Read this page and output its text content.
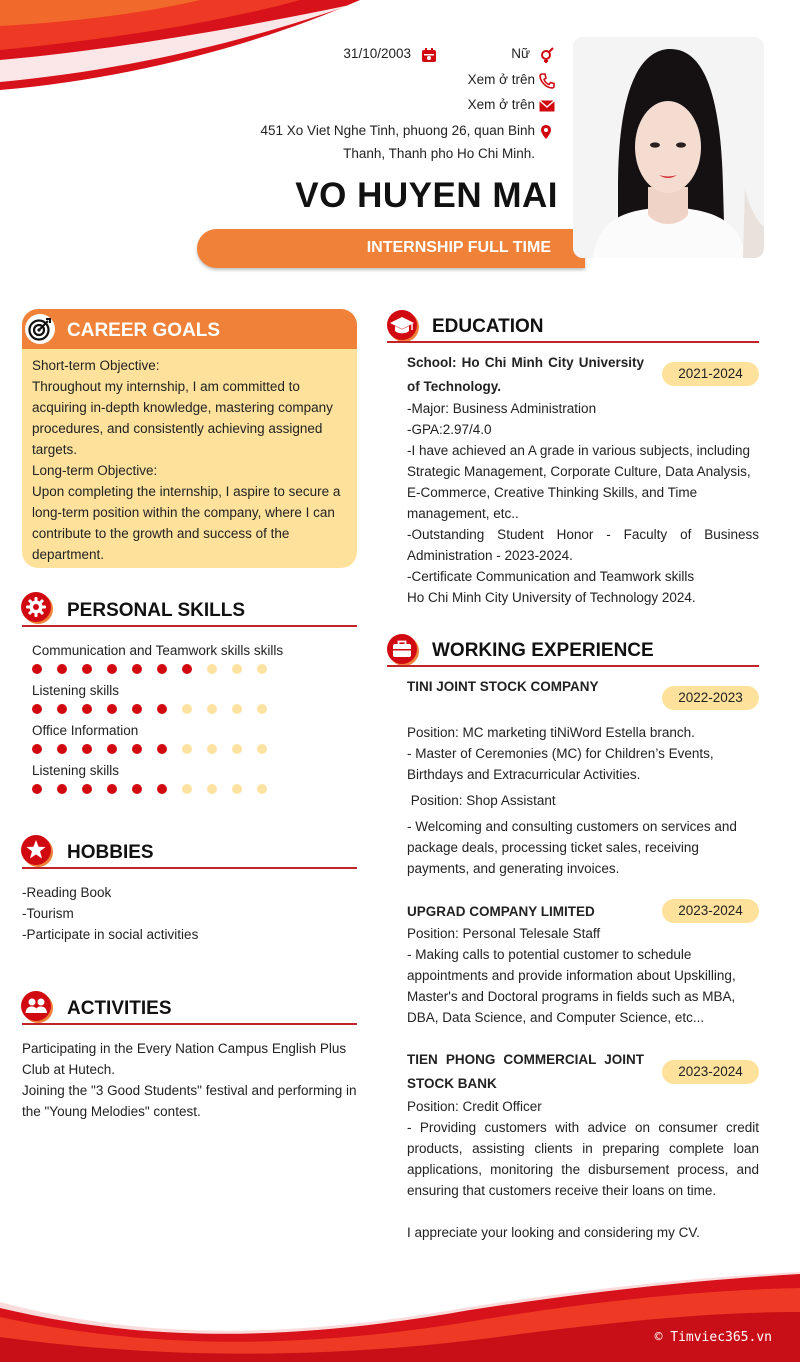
31/10/2003	Nữ
Xem ở trên
Xem ở trên
451 Xo Viet Nghe Tinh, phuong 26, quan Binh
Thanh, Thanh pho Ho Chi Minh.
VO HUYEN MAI
INTERNSHIP FULL TIME
CAREER GOALS
Short-term Objective:
Throughout my internship, I am committed to acquiring in-depth knowledge, mastering company procedures, and consistently achieving assigned targets.
Long-term Objective:
Upon completing the internship, I aspire to secure a long-term position within the company, where I can contribute to the growth and success of the department.
PERSONAL SKILLS
Communication and Teamwork skills skills
Listening skills
Office Information
Listening skills
HOBBIES
-Reading Book
-Tourism
-Participate in social activities
ACTIVITIES
Participating in the Every Nation Campus English Plus Club at Hutech.
Joining the "3 Good Students" festival and performing in the "Young Melodies" contest.
EDUCATION
School: Ho Chi Minh City University of Technology.
2021-2024
-Major: Business Administration
-GPA:2.97/4.0
-I have achieved an A grade in various subjects, including Strategic Management, Corporate Culture, Data Analysis, E-Commerce, Creative Thinking Skills, and Time management, etc..
-Outstanding Student Honor - Faculty of Business Administration - 2023-2024.
-Certificate Communication and Teamwork skills
Ho Chi Minh City University of Technology 2024.
WORKING EXPERIENCE
TINI JOINT STOCK COMPANY
2022-2023
Position: MC marketing tiNiWord Estella branch.
- Master of Ceremonies (MC) for Children’s Events, Birthdays and Extracurricular Activities.
Position: Shop Assistant
- Welcoming and consulting customers on services and package deals, processing ticket sales, receiving payments, and generating invoices.
UPGRAD COMPANY LIMITED	2023-2024
Position: Personal Telesale Staff
- Making calls to potential customer to schedule appointments and provide information about Upskilling, Master's and Doctoral programs in fields such as MBA, DBA, Data Science, and Computer Science, etc...
TIEN PHONG COMMERCIAL JOINT STOCK BANK
2023-2024
Position: Credit Officer
- Providing customers with advice on consumer credit products, assisting clients in preparing complete loan applications, monitoring the disbursement process, and ensuring that customers receive their loans on time.
I appreciate your looking and considering my CV.
© Timviec365.vn
